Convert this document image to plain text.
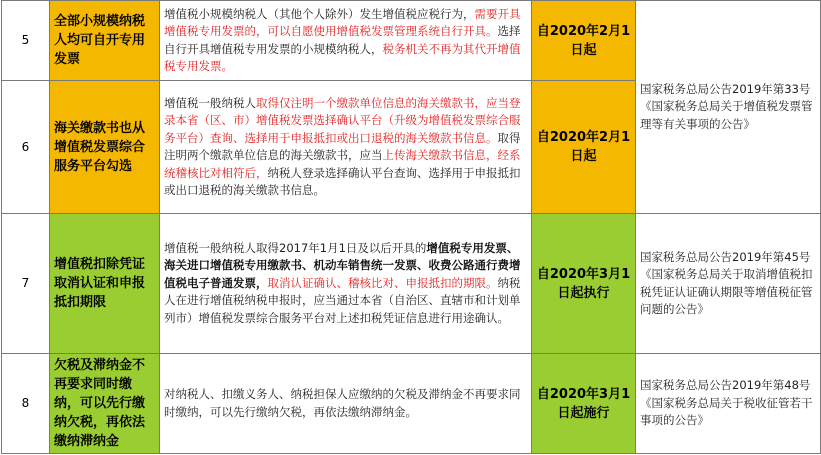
5	全部小规模纳税人均可自开专用发票	增值税小规模纳税人（其他个人除外）发生增值税应税行为，需要开具增值税专用发票的，可以自愿使用增值税发票管理系统自行开具。选择自行开具增值税专用发票的小规模纳税人，税务机关不再为其代开增值税专用发票。	自2020年2月1日起	国家税务总局公告2019年第33号《国家税务总局关于增值税发票管理等有关事项的公告》
6	海关缴款书也从增值税发票综合服务平台勾选	增值税一般纳税人取得仅注明一个缴款单位信息的海关缴款书，应当登录本省（区、市）增值税发票选择确认平台（升级为增值税发票综合服务平台）查询、选择用于申报抵扣或出口退税的海关缴款书信息。取得注明两个缴款单位信息的海关缴款书，应当上传海关缴款书信息，经系统稽核比对相符后，纳税人登录选择确认平台查询、选择用于申报抵扣或出口退税的海关缴款书信息。	自2020年2月1日起	
7	增值税扣除凭证取消认证和申报抵扣期限	增值税一般纳税人取得2017年1月1日及以后开具的增值税专用发票、海关进口增值税专用缴款书、机动车销售统一发票、收费公路通行费增值税电子普通发票，取消认证确认、稽核比对、申报抵扣的期限。纳税人在进行增值税纳税申报时，应当通过本省（自治区、直辖市和计划单列市）增值税发票综合服务平台对上述扣税凭证信息进行用途确认。	自2020年3月1日起执行	国家税务总局公告2019年第45号《国家税务总局关于取消增值税扣税凭证认证确认期限等增值税征管问题的公告》
8	欠税及滞纳金不再要求同时缴纳，可以先行缴纳欠税，再依法缴纳滞纳金	对纳税人、扣缴义务人、纳税担保人应缴纳的欠税及滞纳金不再要求同时缴纳，可以先行缴纳欠税，再依法缴纳滞纳金。	自2020年3月1日起施行	国家税务总局公告2019年第48号《国家税务总局关于税收征管若干事项的公告》
